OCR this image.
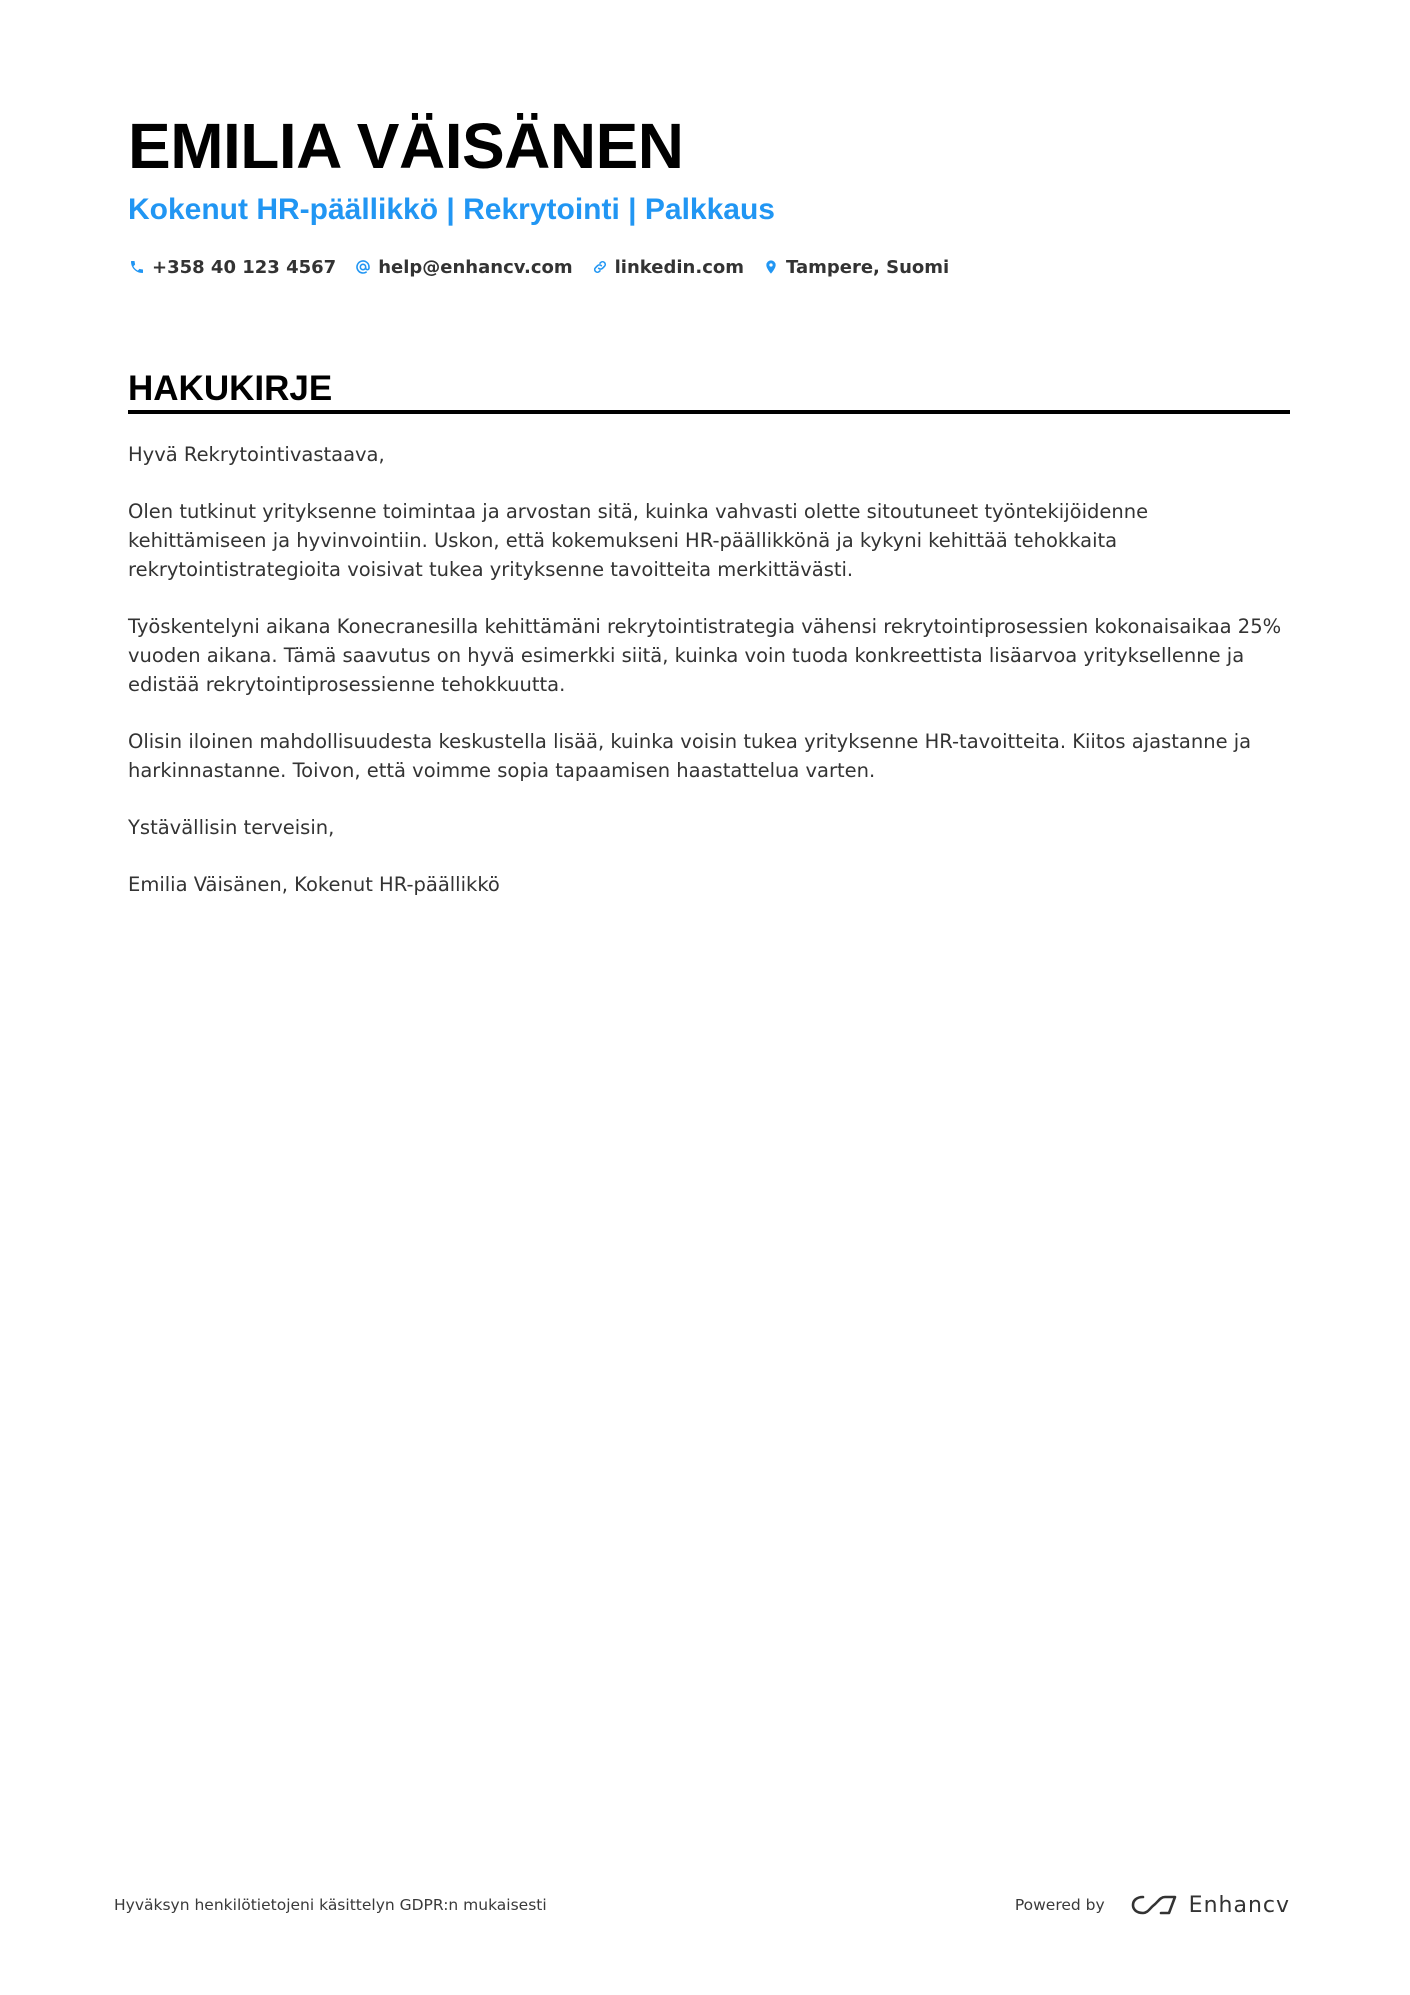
EMILIA VÄISÄNEN
Kokenut HR-päällikkö | Rekrytointi | Palkkaus
+358 40 123 4567 help@enhancv.com linkedin.com Tampere, Suomi
HAKUKIRJE

Hyvä Rekrytointivastaava,

Olen tutkinut yrityksenne toimintaa ja arvostan sitä, kuinka vahvasti olette sitoutuneet työntekijöidenne kehittämiseen ja hyvinvointiin. Uskon, että kokemukseni HR-päällikkönä ja kykyni kehittää tehokkaita rekrytointistrategioita voisivat tukea yrityksenne tavoitteita merkittävästi.

Työskentelyni aikana Konecranesilla kehittämäni rekrytointistrategia vähensi rekrytointiprosessien kokonaisaikaa 25% vuoden aikana. Tämä saavutus on hyvä esimerkki siitä, kuinka voin tuoda konkreettista lisäarvoa yrityksellenne ja edistää rekrytointiprosessienne tehokkuutta.

Olisin iloinen mahdollisuudesta keskustella lisää, kuinka voisin tukea yrityksenne HR-tavoitteita. Kiitos ajastanne ja harkinnastanne. Toivon, että voimme sopia tapaamisen haastattelua varten.

Ystävällisin terveisin,

Emilia Väisänen, Kokenut HR-päällikkö

Hyväksyn henkilötietojeni käsittelyn GDPR:n mukaisesti	Powered by	Enhancv
